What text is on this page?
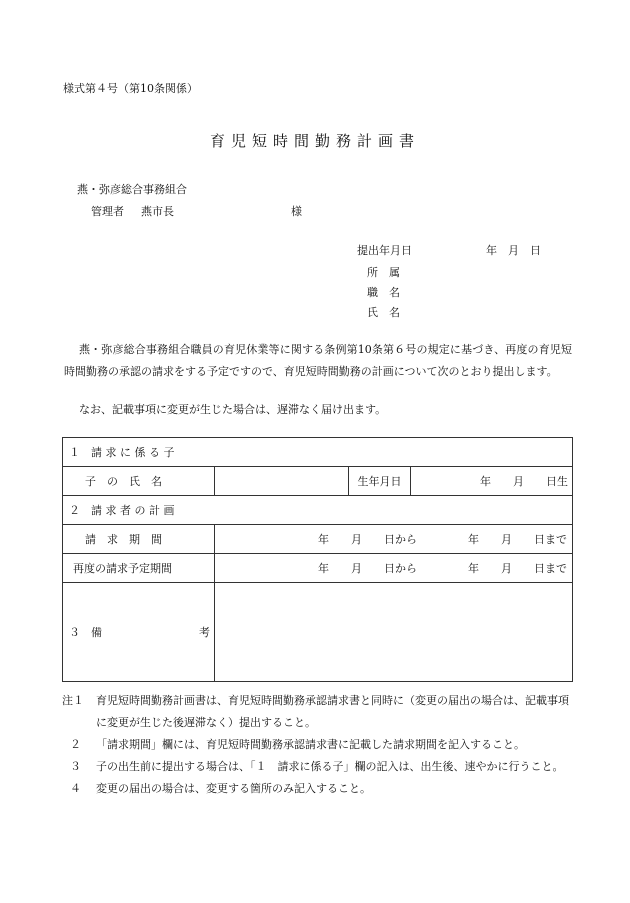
様式第４号（第10条関係）
育児短時間勤務計画書
燕・弥彦総合事務組合
管理者 燕市長	様
提出年月日	年　月　日
所　属
職　名
氏　名
燕・弥彦総合事務組合職員の育児休業等に関する条例第10条第６号の規定に基づき、再度の育児短時間勤務の承認の請求をする予定ですので、育児短時間勤務の計画について次のとおり提出します。
なお、記載事項に変更が生じた場合は、遅滞なく届け出ます。
１　請 求 に 係 る 子			
子　の　氏　名		生年月日	年　　月　　日生
２　請 求 者 の 計 画			
請　求　期　間	年　　月　　日から 年　　月　　日まで		
再度の請求予定期間	年　　月　　日から 年　　月　　日まで		
３　備 考			

注１ 育児短時間勤務計画書は、育児短時間勤務承認請求書と同時に（変更の届出の場合は、記載事項に変更が生じた後遅滞なく）提出すること。
２ 「請求期間」欄には、育児短時間勤務承認請求書に記載した請求期間を記入すること。
３ 子の出生前に提出する場合は、「１　請求に係る子」欄の記入は、出生後、速やかに行うこと。
４ 変更の届出の場合は、変更する箇所のみ記入すること。
